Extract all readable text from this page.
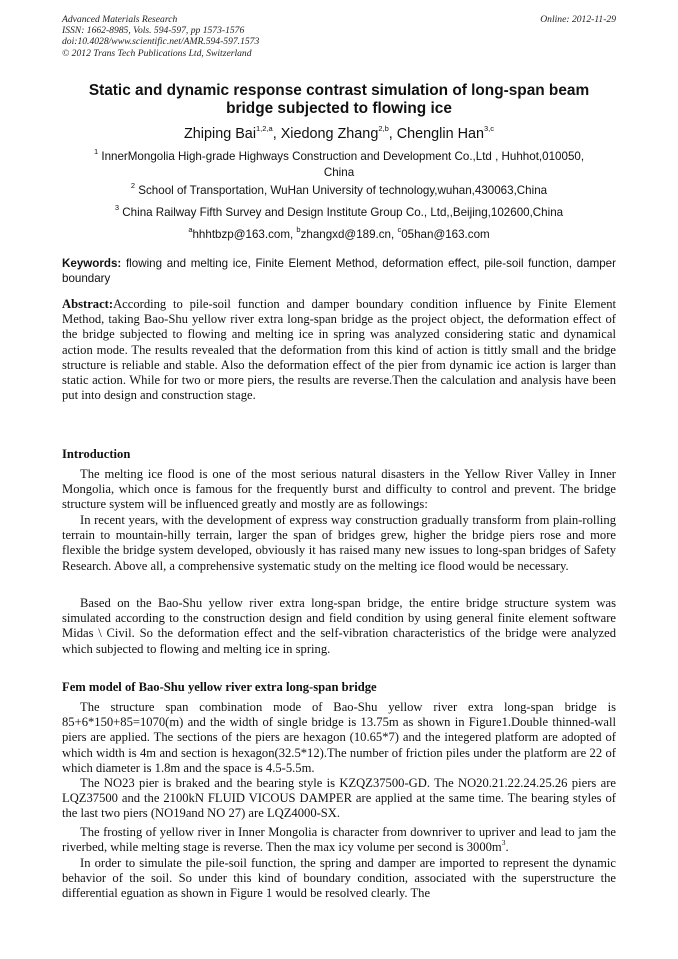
Advanced Materials Research
ISSN: 1662-8985, Vols. 594-597, pp 1573-1576
doi:10.4028/www.scientific.net/AMR.594-597.1573
© 2012 Trans Tech Publications Ltd, Switzerland
Online: 2012-11-29
Static and dynamic response contrast simulation of long-span beam
bridge subjected to flowing ice
Zhiping Bai$^{1,2,a}$, Xiedong Zhang$^{2,b}$, Chenglin Han$^{3,c}$
$^1$ InnerMongolia High-grade Highways Construction and Development Co.,Ltd , Huhhot,010050,
China
$^2$ School of Transportation, WuHan University of technology,wuhan,430063,China
$^3$ China Railway Fifth Survey and Design Institute Group Co., Ltd,,Beijing,102600,China
$^a$hhhtbzp@163.com, $^b$zhangxd@189.cn, $^c$05han@163.com
Keywords: flowing and melting ice, Finite Element Method, deformation effect, pile-soil function, damper boundary
Abstract:According to pile-soil function and damper boundary condition influence by Finite Element Method, taking Bao-Shu yellow river extra long-span bridge as the project object, the deformation effect of the bridge subjected to flowing and melting ice in spring was analyzed considering static and dynamical action mode. The results revealed that the deformation from this kind of action is tittly small and the bridge structure is reliable and stable. Also the deformation effect of the pier from dynamic ice action is larger than static action. While for two or more piers, the results are reverse.Then the calculation and analysis have been put into design and construction stage.
Introduction

The melting ice flood is one of the most serious natural disasters in the Yellow River Valley in Inner Mongolia, which once is famous for the frequently burst and difficulty to control and prevent. The bridge structure system will be influenced greatly and mostly are as followings:

In recent years, with the development of express way construction gradually transform from plain-rolling terrain to mountain-hilly terrain, larger the span of bridges grew, higher the bridge piers rose and more flexible the bridge system developed, obviously it has raised many new issues to long-span bridges of Safety Research. Above all, a comprehensive systematic study on the melting ice flood would be necessary.

Based on the Bao-Shu yellow river extra long-span bridge, the entire bridge structure system was simulated according to the construction design and field condition by using general finite element software Midas \ Civil. So the deformation effect and the self-vibration characteristics of the bridge were analyzed which subjected to flowing and melting ice in spring.

Fem model of Bao-Shu yellow river extra long-span bridge

The structure span combination mode of Bao-Shu yellow river extra long-span bridge is 85+6*150+85=1070(m) and the width of single bridge is 13.75m as shown in Figure1.Double thinned-wall piers are applied. The sections of the piers are hexagon (10.65*7) and the integered platform are adopted of which width is 4m and section is hexagon(32.5*12).The number of friction piles under the platform are 22 of which diameter is 1.8m and the space is 4.5-5.5m.

The NO23 pier is braked and the bearing style is KZQZ37500-GD. The NO20.21.22.24.25.26 piers are LQZ37500 and the 2100kN FLUID VICOUS DAMPER are applied at the same time. The bearing styles of the last two piers (NO19and NO 27) are LQZ4000-SX.

The frosting of yellow river in Inner Mongolia is character from downriver to upriver and lead to jam the riverbed, while melting stage is reverse. Then the max icy volume per second is $3000m^3$.

In order to simulate the pile-soil function, the spring and damper are imported to represent the dynamic behavior of the soil. So under this kind of boundary condition, associated with the superstructure the differential eguation as shown in Figure 1 would be resolved clearly. The
